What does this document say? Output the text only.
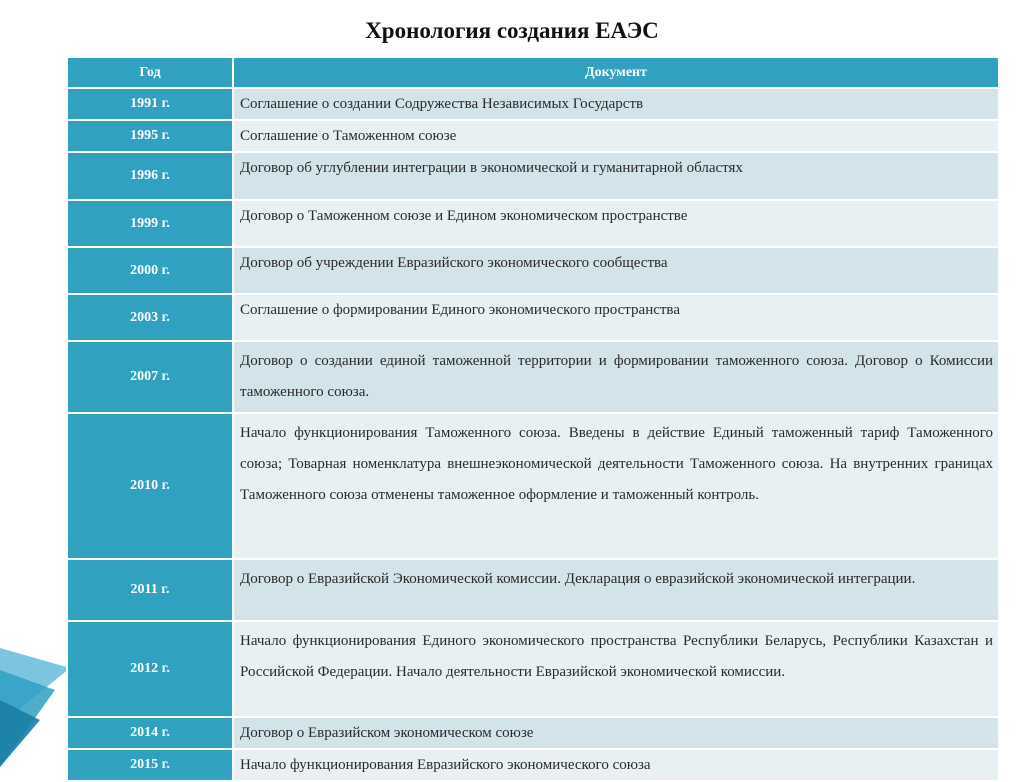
Хронология создания ЕАЭС
Год	Документ
1991 г.	Соглашение о создании Содружества Независимых Государств
1995 г.	Соглашение о Таможенном союзе
1996 г.	Договор об углублении интеграции в экономической и гуманитарной областях
1999 г.	Договор о Таможенном союзе и Едином экономическом пространстве
2000 г.	Договор об учреждении Евразийского экономического сообщества
2003 г.	Соглашение о формировании Единого экономического пространства
2007 г.	Договор о создании единой таможенной территории и формировании таможенного союза. Договор о Комиссии таможенного союза.
2010 г.	Начало функционирования Таможенного союза. Введены в действие Единый таможенный тариф Таможенного союза; Товарная номенклатура внешнеэкономической деятельности Таможенного союза. На внутренних границах Таможенного союза отменены таможенное оформление и таможенный контроль.
2011 г.	Договор о Евразийской Экономической комиссии. Декларация о евразийской экономической интеграции.
2012 г.	Начало функционирования Единого экономического пространства Республики Беларусь, Республики Казахстан и Российской Федерации. Начало деятельности Евразийской экономической комиссии.
2014 г.	Договор о Евразийском экономическом союзе
2015 г.	Начало функционирования Евразийского экономического союза
